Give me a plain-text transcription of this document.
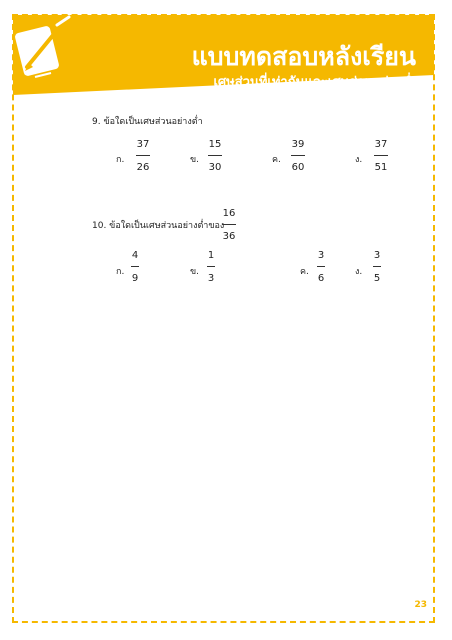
แบบทดสอบหลังเรียน
เศษส่วนที่เท่ากันและเศษส่วนอย่างต่ำ
9. ข้อใดเป็นเศษส่วนอย่างต่ำ
ก.
37
26
ข.
15
30
ค.
39
60
ง.
37
51
10. ข้อใดเป็นเศษส่วนอย่างต่ำของ
16
36
ก.
4
9
ข.
1
3
ค.
3
6
ง.
3
5
23
